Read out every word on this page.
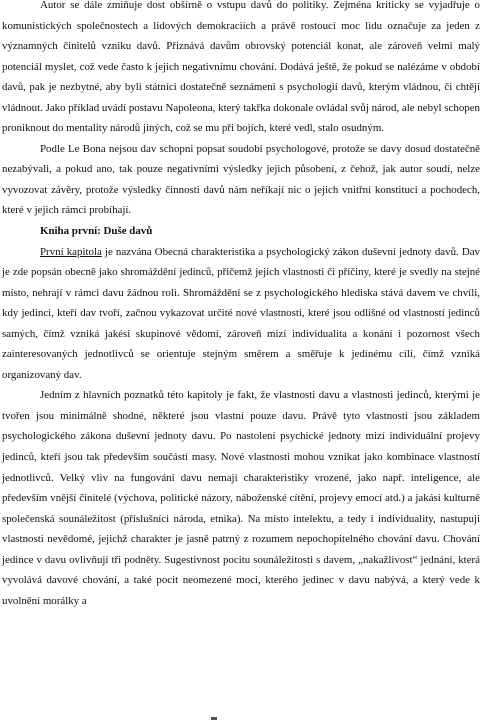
Autor se dále zmiňuje dost obšírně o vstupu davů do politiky. Zejména kriticky se vyjadřuje o komunistických společnostech a lidových demokraciích a právě rostoucí moc lidu označuje za jeden z významných činitelů vzniku davů. Přiznává davům obrovský potenciál konat, ale zároveň velmi malý potenciál myslet, což vede často k jejich negativnímu chování. Dodává ještě, že pokud se nalézáme v období davů, pak je nezbytné, aby byli státníci dostatečně seznámeni s psychologií davů, kterým vládnou, či chtějí vládnout. Jako příklad uvádí postavu Napoleona, který takřka dokonale ovládal svůj národ, ale nebyl schopen proniknout do mentality národů jiných, což se mu při bojích, které vedl, stalo osudným.

Podle Le Bona nejsou dav schopni popsat soudobí psychologové, protože se davy dosud dostatečně nezabývali, a pokud ano, tak pouze negativními výsledky jejich působení, z čehož, jak autor soudí, nelze vyvozovat závěry, protože výsledky činnosti davů nám neříkají nic o jejich vnitřní konstituci a pochodech, které v jejich rámci probíhají.

Kniha první: Duše davů

První kapitola je nazvána Obecná charakteristika a psychologický zákon duševní jednoty davů. Dav je zde popsán obecně jako shromáždění jedinců, přičemž jejich vlastnosti či příčiny, které je svedly na stejné místo, nehrají v rámci davu žádnou roli. Shromáždění se z psychologického hlediska stává davem ve chvíli, kdy jedinci, kteří dav tvoří, začnou vykazovat určité nové vlastnosti, které jsou odlišné od vlastností jedinců samých, čímž vzniká jakési skupinové vědomí, zároveň mizí individualita a konání i pozornost všech zainteresovaných jednotlivců se orientuje stejným směrem a směřuje k jedinému cíli, čímž vzniká organizovaný dav.

Jedním z hlavních poznatků této kapitoly je fakt, že vlastnosti davu a vlastnosti jedinců, kterými je tvořen jsou minimálně shodné, některé jsou vlastní pouze davu. Právě tyto vlastnosti jsou základem psychologického zákona duševní jednoty davu. Po nastolení psychické jednoty mizí individuální projevy jedinců, kteří jsou tak především součástí masy. Nové vlastnosti mohou vznikat jako kombinace vlastností jednotlivců. Velký vliv na fungování davu nemají charakteristiky vrozené, jako např. inteligence, ale především vnější činitelé (výchova, politické názory, náboženské cítění, projevy emocí atd.) a jakási kulturně společenská sounáležitost (příslušníci národa, etnika). Na místo intelektu, a tedy i individuality, nastupují vlastnosti nevědomé, jejichž charakter je jasně patrný z rozumem nepochopitelného chování davu. Chování jedince v davu ovlivňují tři podněty. Sugestivnost pocitu sounáležitosti s davem, „nakažlivost“ jednání, která vyvolává davové chování, a také pocit neomezené moci, kterého jedinec v davu nabývá, a který vede k uvolnění morálky a
